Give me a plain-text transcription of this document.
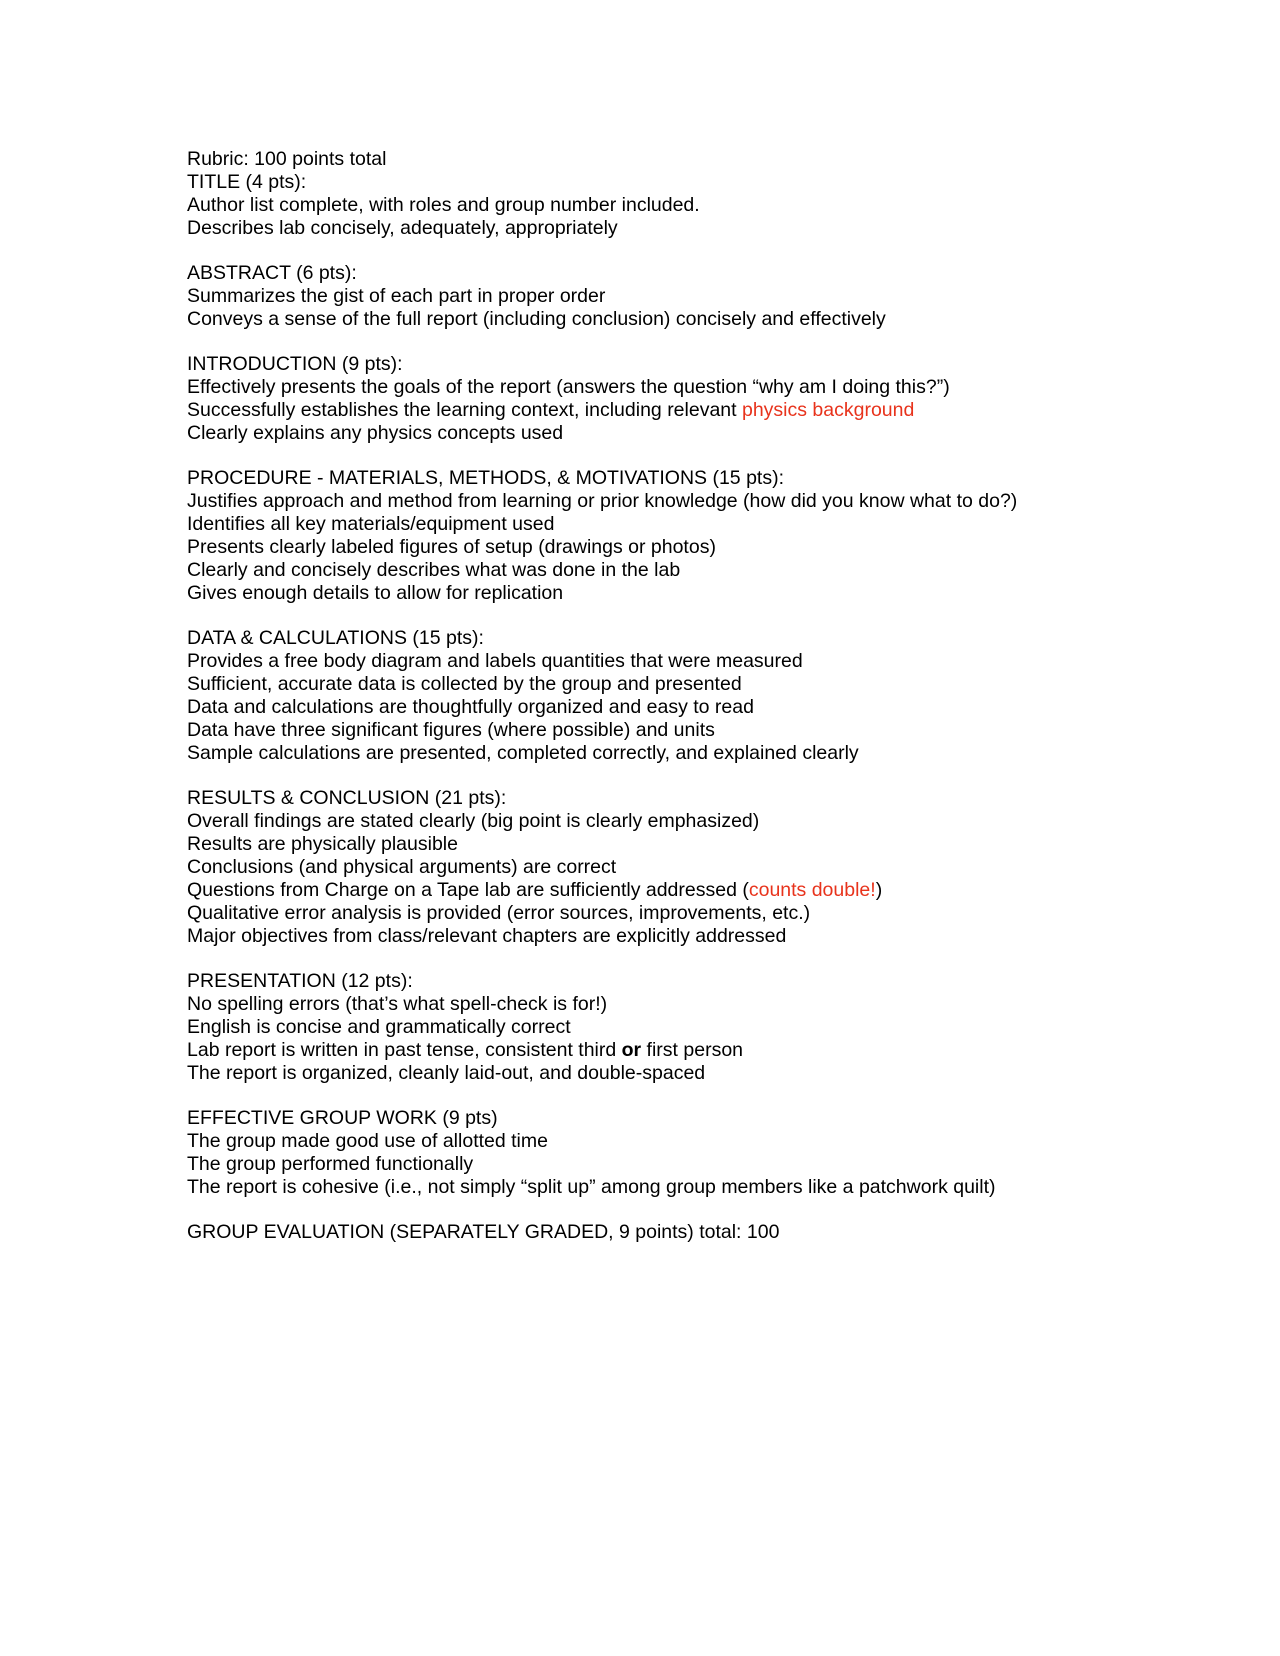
Rubric: 100 points total
TITLE (4 pts):
Author list complete, with roles and group number included.
Describes lab concisely, adequately, appropriately
ABSTRACT (6 pts):
Summarizes the gist of each part in proper order
Conveys a sense of the full report (including conclusion) concisely and effectively
INTRODUCTION (9 pts):
Effectively presents the goals of the report (answers the question “why am I doing this?”)
Successfully establishes the learning context, including relevant physics background
Clearly explains any physics concepts used
PROCEDURE - MATERIALS, METHODS, & MOTIVATIONS (15 pts):
Justifies approach and method from learning or prior knowledge (how did you know what to do?)
Identifies all key materials/equipment used
Presents clearly labeled figures of setup (drawings or photos)
Clearly and concisely describes what was done in the lab
Gives enough details to allow for replication
DATA & CALCULATIONS (15 pts):
Provides a free body diagram and labels quantities that were measured
Sufficient, accurate data is collected by the group and presented
Data and calculations are thoughtfully organized and easy to read
Data have three significant figures (where possible) and units
Sample calculations are presented, completed correctly, and explained clearly
RESULTS & CONCLUSION (21 pts):
Overall findings are stated clearly (big point is clearly emphasized)
Results are physically plausible
Conclusions (and physical arguments) are correct
Questions from Charge on a Tape lab are sufficiently addressed (counts double!)
Qualitative error analysis is provided (error sources, improvements, etc.)
Major objectives from class/relevant chapters are explicitly addressed
PRESENTATION (12 pts):
No spelling errors (that’s what spell-check is for!)
English is concise and grammatically correct
Lab report is written in past tense, consistent third or first person
The report is organized, cleanly laid-out, and double-spaced
EFFECTIVE GROUP WORK (9 pts)
The group made good use of allotted time
The group performed functionally
The report is cohesive (i.e., not simply “split up” among group members like a patchwork quilt)
GROUP EVALUATION (SEPARATELY GRADED, 9 points) total: 100
